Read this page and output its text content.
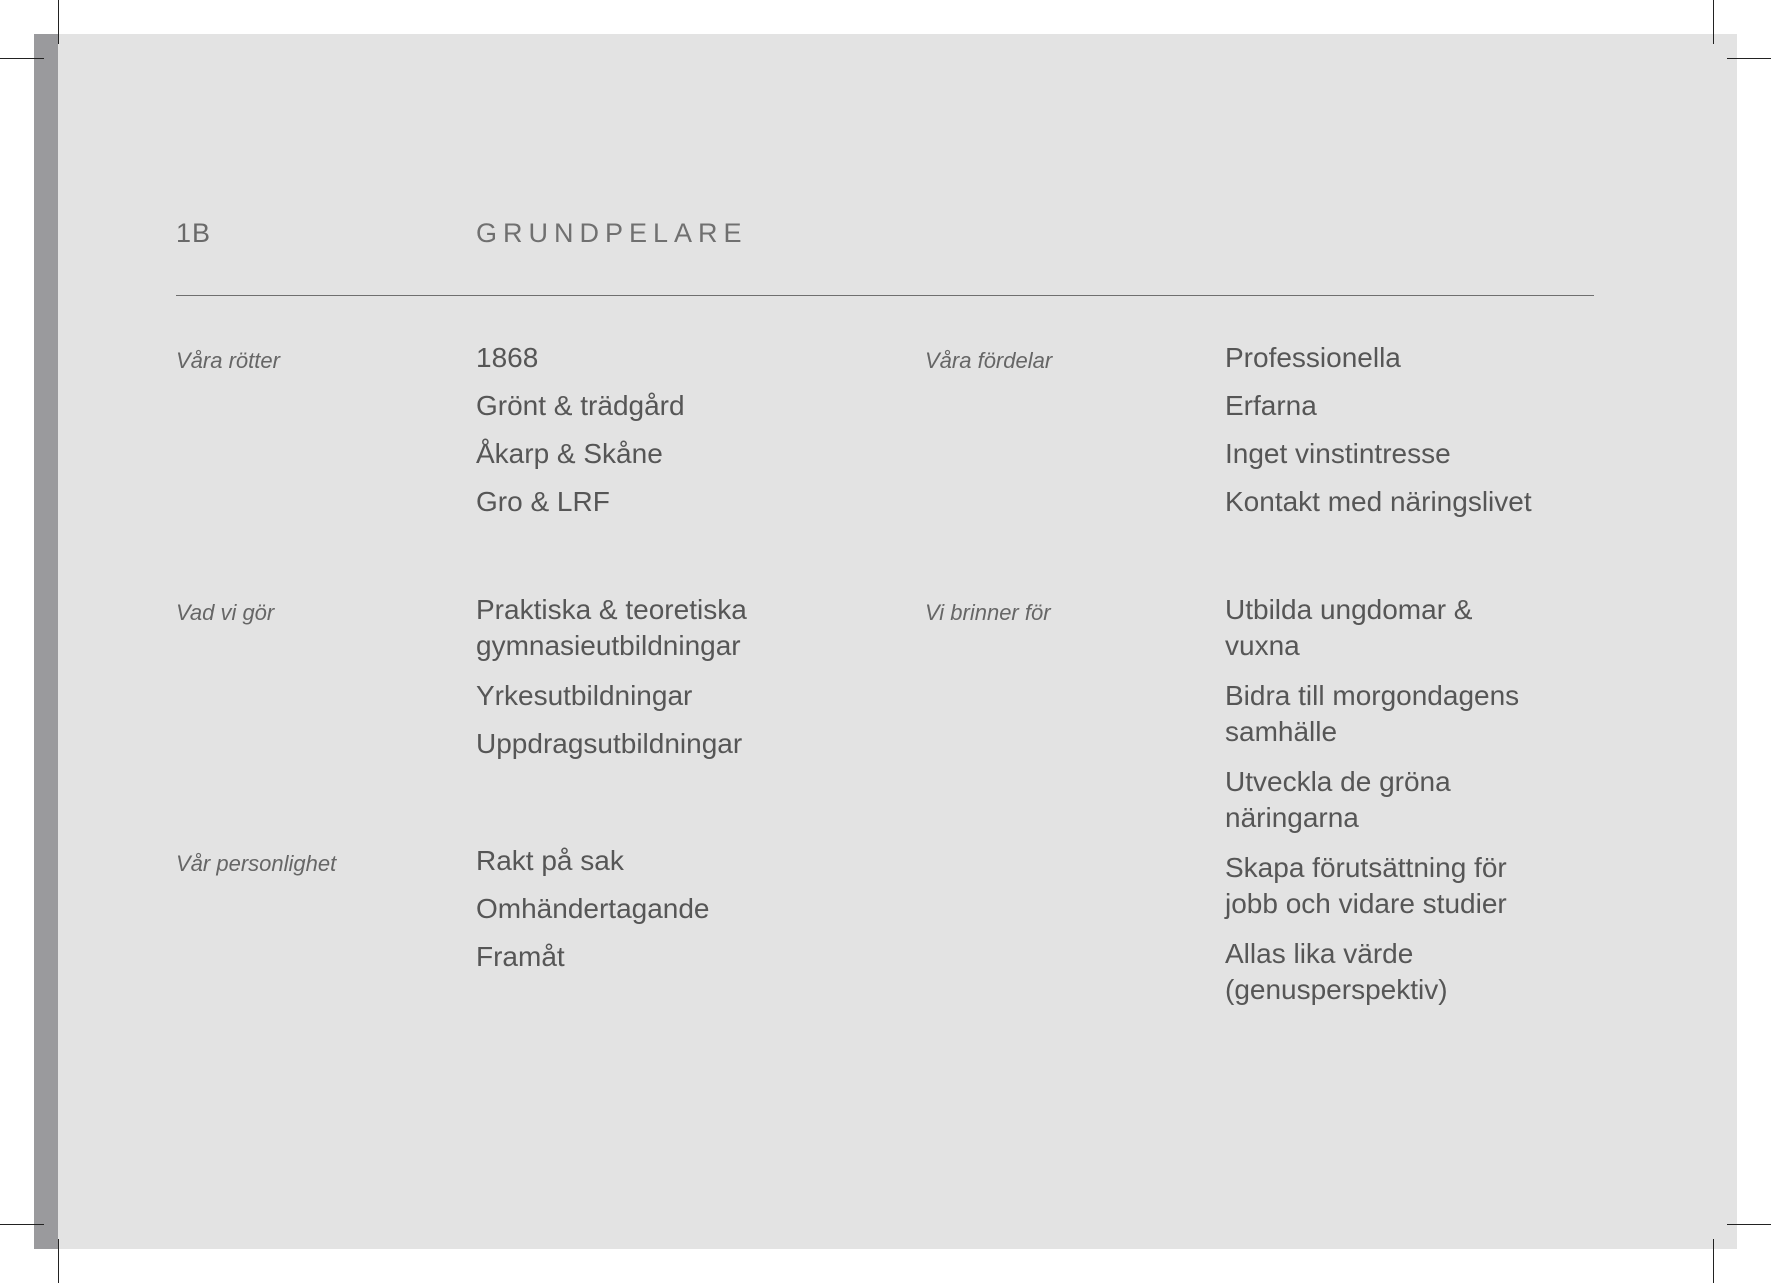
1B	GRUNDPELARE
Våra rötter	1868
Grönt & trädgård
Åkarp & Skåne
Gro & LRF
Våra fördelar	Professionella
Erfarna
Inget vinstintresse
Kontakt med näringslivet
Vad vi gör	Praktiska & teoretiska gymnasieutbildningar
Yrkesutbildningar
Uppdragsutbildningar
Vi brinner för	Utbilda ungdomar & vuxna
Bidra till morgondagens samhälle
Utveckla de gröna näringarna
Skapa förutsättning för jobb och vidare studier
Allas lika värde (genusperspektiv)
Vår personlighet	Rakt på sak
Omhändertagande
Framåt
